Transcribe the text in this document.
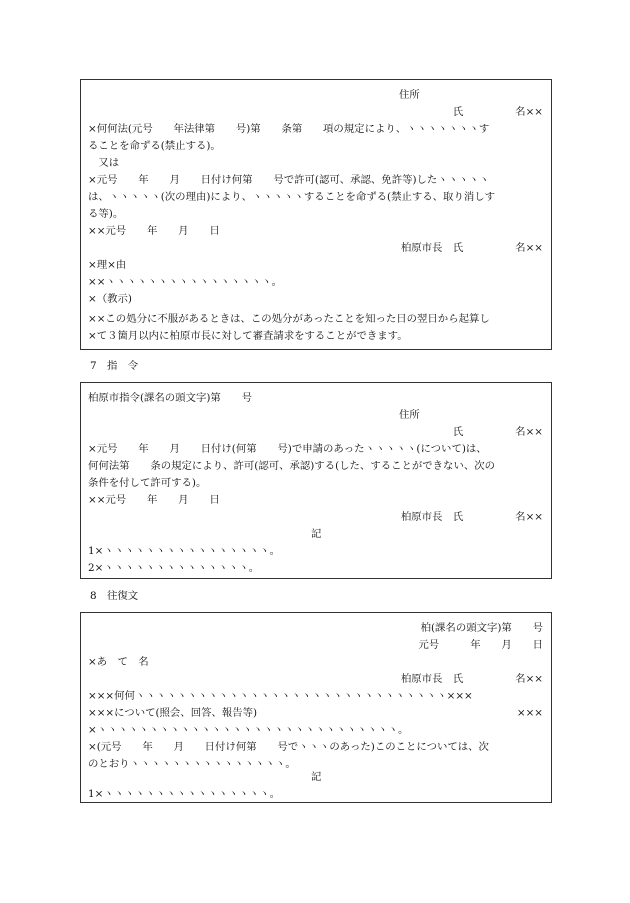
住所
氏　　　　　名××
×何何法(元号　　年法律第　　号)第　　条第　　項の規定により、ヽヽヽヽヽヽヽす
ることを命ずる(禁止する)。
　又は
×元号　　年　　月　　日付け何第　　号で許可(認可、承認、免許等)したヽヽヽヽヽ
は、ヽヽヽヽヽ(次の理由)により、ヽヽヽヽヽすることを命ずる(禁止する、取り消しす
る等)。
××元号　　年　　月　　日
柏原市長　氏　　　　　名××
×理×由
××ヽヽヽヽヽヽヽヽヽヽヽヽヽヽヽヽ。
×（教示)
××この処分に不服があるときは、この処分があったことを知った日の翌日から起算し
×て３箇月以内に柏原市長に対して審査請求をすることができます。
7　指　令
柏原市指令(課名の頭文字)第　　号
住所
氏　　　　　名××
×元号　　年　　月　　日付け(何第　　号)で申請のあったヽヽヽヽヽ(について)は、
何何法第　　条の規定により、許可(認可、承認)する(した、することができない、次の
条件を付して許可する)。
××元号　　年　　月　　日
柏原市長　氏　　　　　名××
記
1×ヽヽヽヽヽヽヽヽヽヽヽヽヽヽヽヽ。
2×ヽヽヽヽヽヽヽヽヽヽヽヽヽヽ。
8　往復文
柏(課名の頭文字)第　　号
元号　　　年　　月　　日
×あ　て　名
柏原市長　氏　　　　　名××
×××何何ヽヽヽヽヽヽヽヽヽヽヽヽヽヽヽヽヽヽヽヽヽヽヽヽヽヽヽヽヽヽ×××
×××について(照会、回答、報告等)	×××
×ヽヽヽヽヽヽヽヽヽヽヽヽヽヽヽヽヽヽヽヽヽヽヽヽヽヽヽヽヽ。
×(元号　　年　　月　　日付け何第　　号でヽヽヽのあった)このことについては、次
のとおりヽヽヽヽヽヽヽヽヽヽヽヽヽヽヽ。
記
1×ヽヽヽヽヽヽヽヽヽヽヽヽヽヽヽヽ。
